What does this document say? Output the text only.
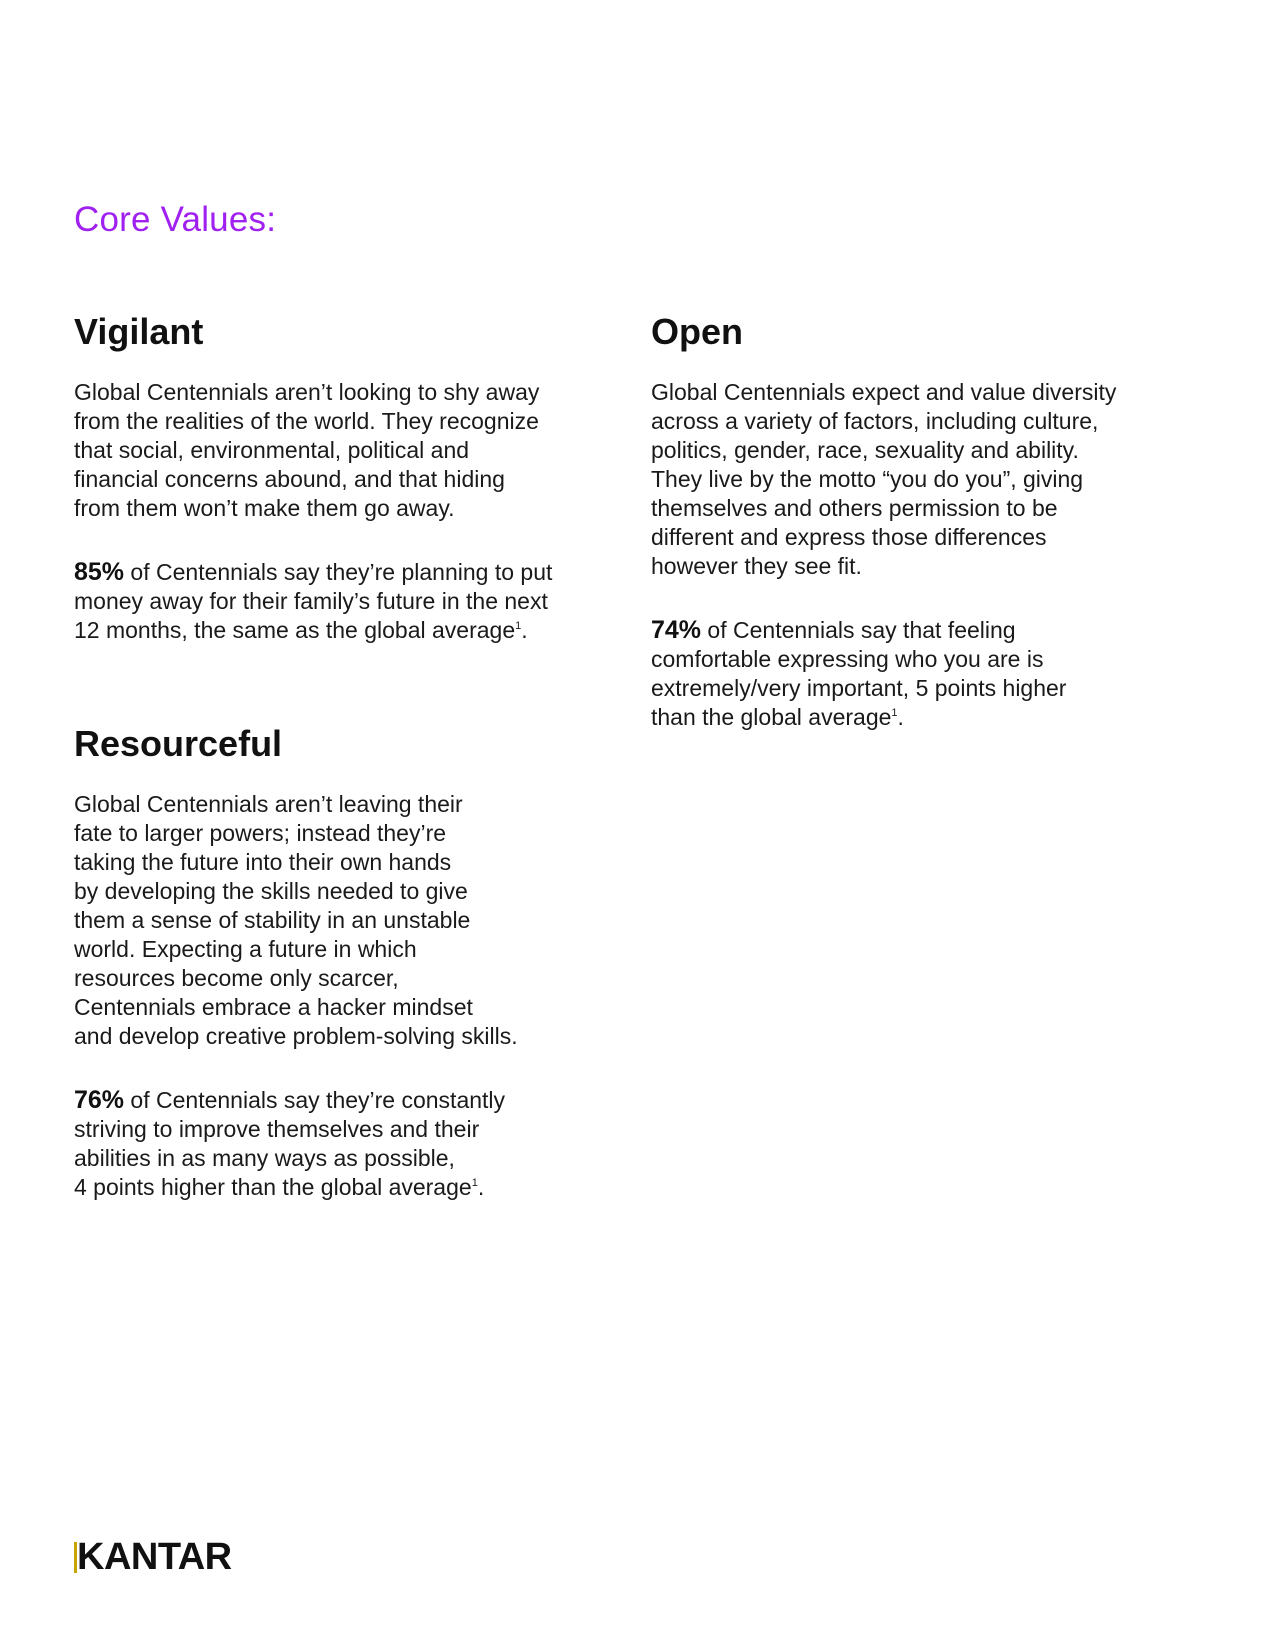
Core Values:
Vigilant

Global Centennials aren’t looking to shy away
from the realities of the world. They recognize
that social, environmental, political and
financial concerns abound, and that hiding
from them won’t make them go away.

85% of Centennials say they’re planning to put
money away for their family’s future in the next
12 months, the same as the global average$^1$.

Open

Global Centennials expect and value diversity
across a variety of factors, including culture,
politics, gender, race, sexuality and ability.
They live by the motto “you do you”, giving
themselves and others permission to be
different and express those differences
however they see fit.

74% of Centennials say that feeling
comfortable expressing who you are is
extremely/very important, 5 points higher
than the global average$^1$.

Resourceful

Global Centennials aren’t leaving their
fate to larger powers; instead they’re
taking the future into their own hands
by developing the skills needed to give
them a sense of stability in an unstable
world. Expecting a future in which
resources become only scarcer,
Centennials embrace a hacker mindset
and develop creative problem-solving skills.

76% of Centennials say they’re constantly
striving to improve themselves and their
abilities in as many ways as possible,
4 points higher than the global average$^1$.

KANTAR
